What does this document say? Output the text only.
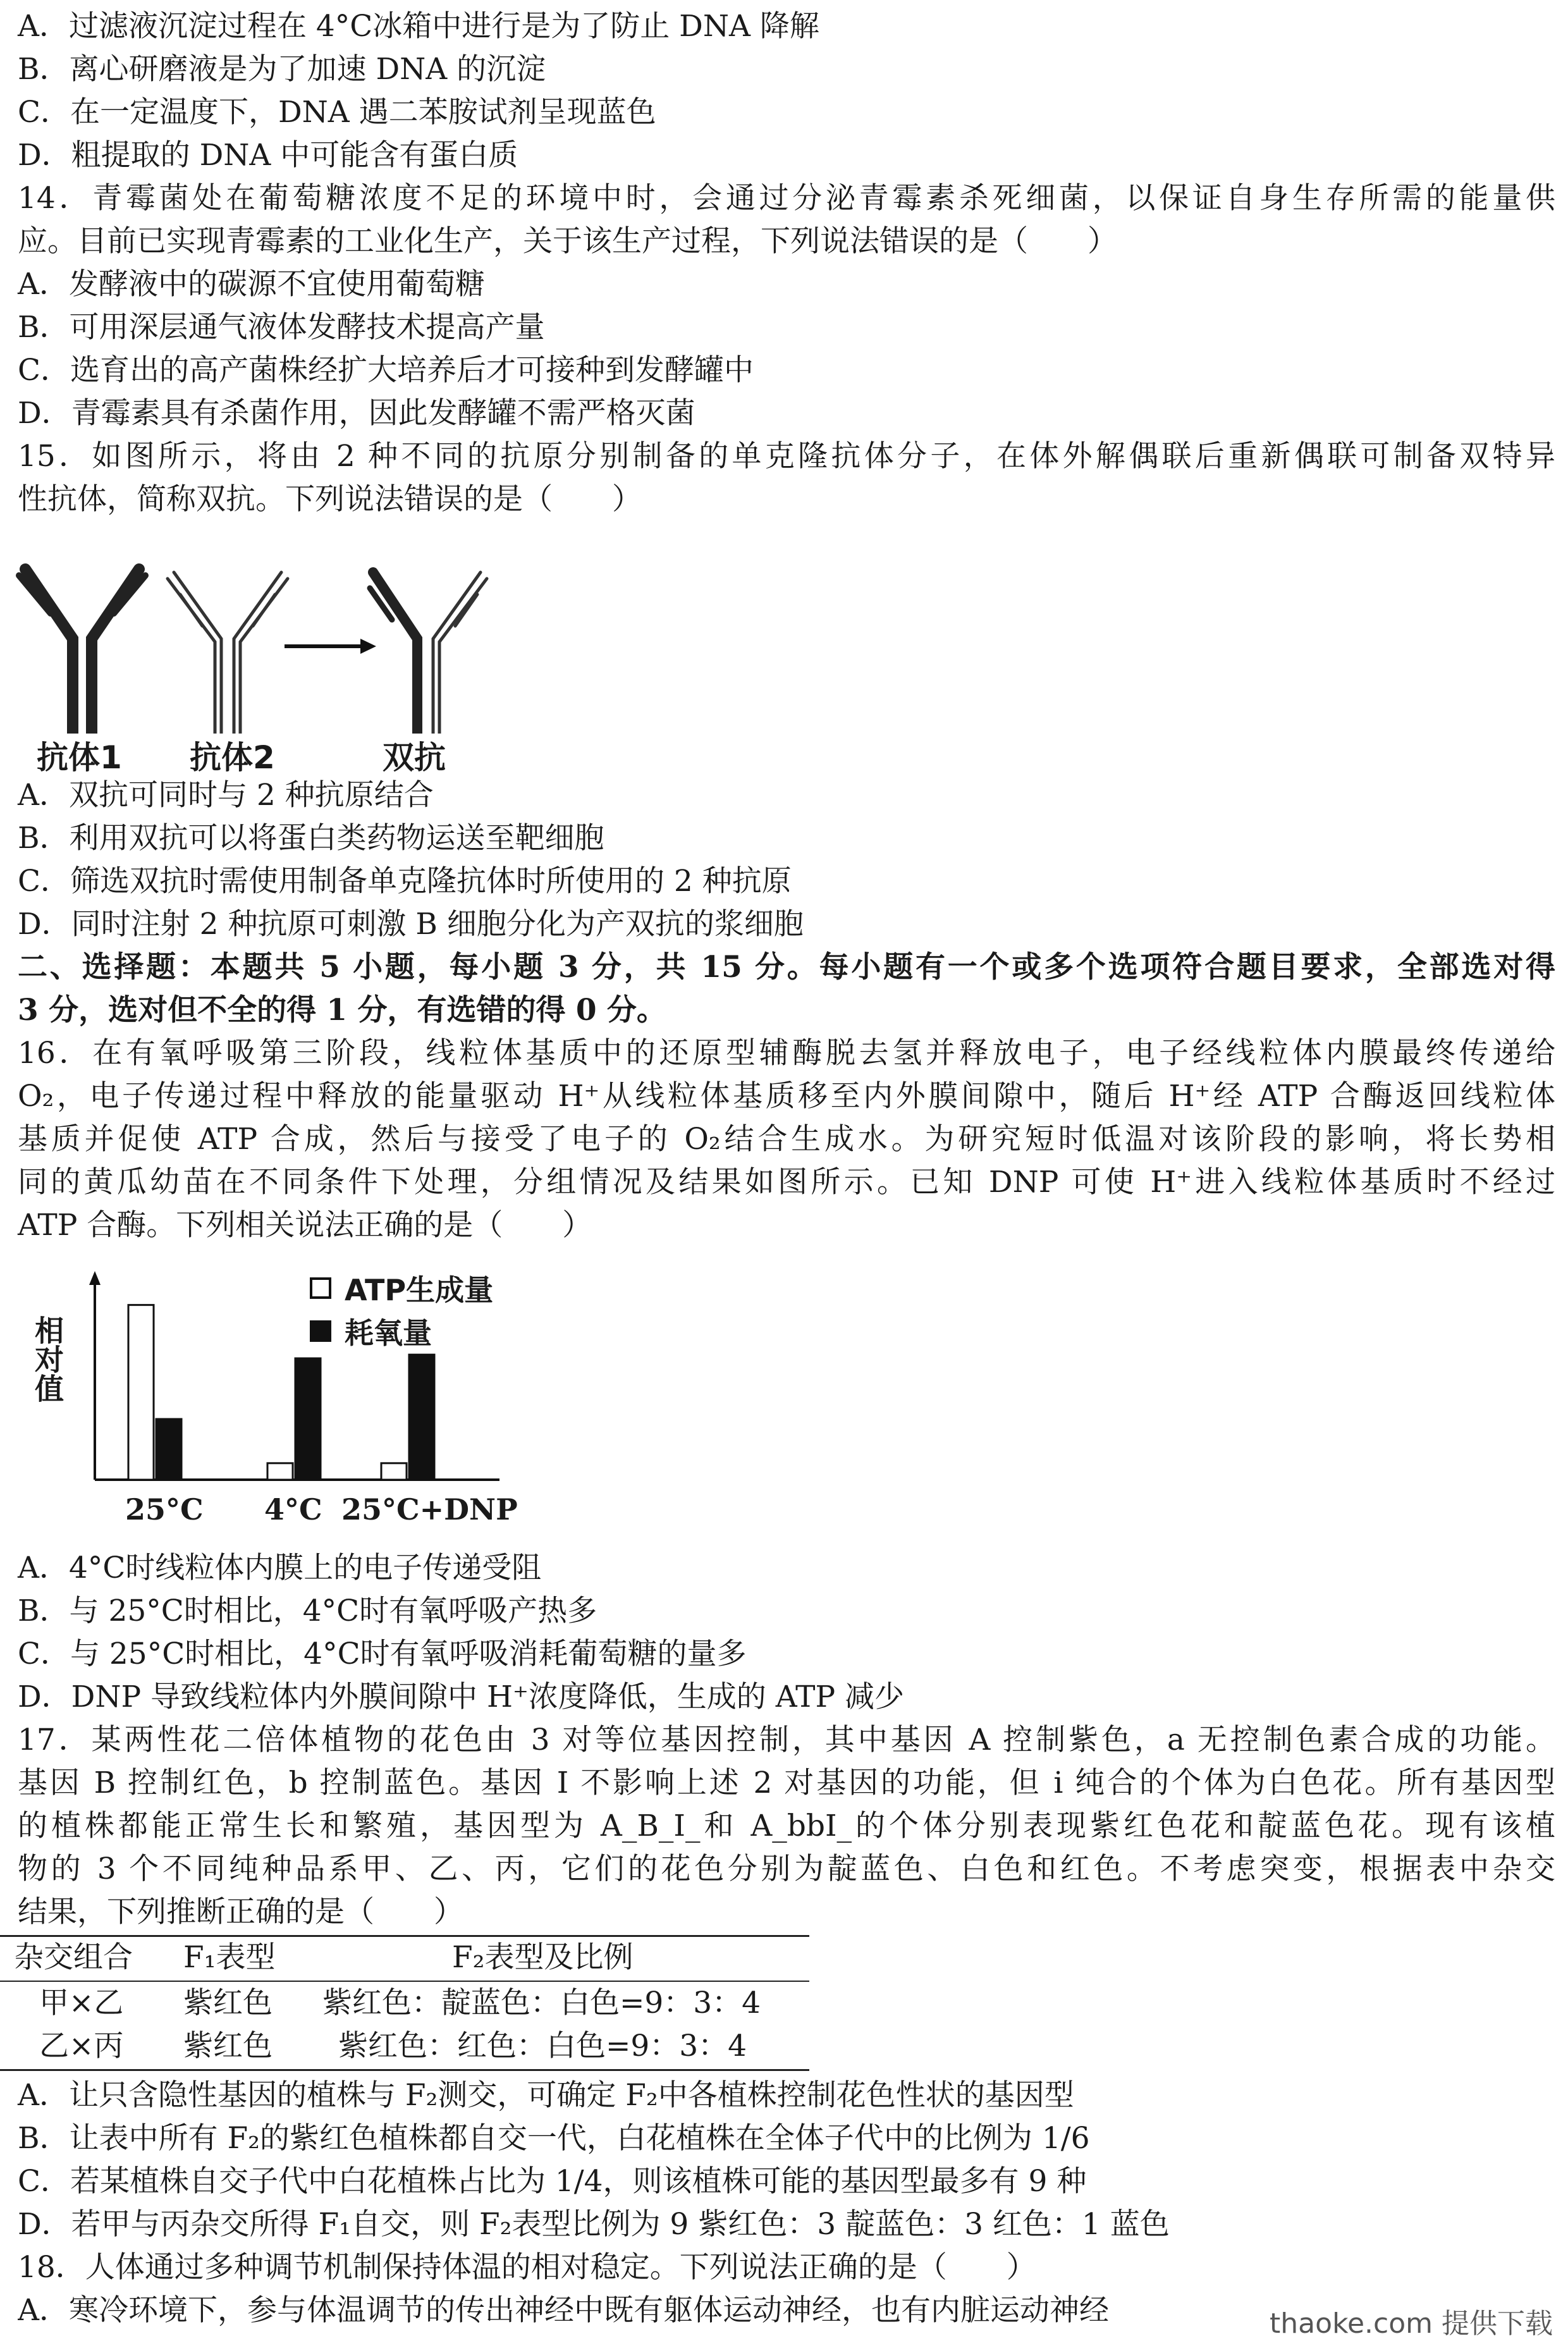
A．过滤液沉淀过程在 4°C冰箱中进行是为了防止 DNA 降解
B．离心研磨液是为了加速 DNA 的沉淀
C．在一定温度下，DNA 遇二苯胺试剂呈现蓝色
D．粗提取的 DNA 中可能含有蛋白质
14．青霉菌处在葡萄糖浓度不足的环境中时，会通过分泌青霉素杀死细菌，以保证自身生存所需的能量供
应。目前已实现青霉素的工业化生产，关于该生产过程，下列说法错误的是（　　）
A．发酵液中的碳源不宜使用葡萄糖
B．可用深层通气液体发酵技术提高产量
C．选育出的高产菌株经扩大培养后才可接种到发酵罐中
D．青霉素具有杀菌作用，因此发酵罐不需严格灭菌
15．如图所示，将由 2 种不同的抗原分别制备的单克隆抗体分子，在体外解偶联后重新偶联可制备双特异
性抗体，简称双抗。下列说法错误的是（　　）
抗体1 抗体2	双抗
A．双抗可同时与 2 种抗原结合
B．利用双抗可以将蛋白类药物运送至靶细胞
C．筛选双抗时需使用制备单克隆抗体时所使用的 2 种抗原
D．同时注射 2 种抗原可刺激 B 细胞分化为产双抗的浆细胞
二、选择题：本题共 5 小题，每小题 3 分，共 15 分。每小题有一个或多个选项符合题目要求，全部选对得
3 分，选对但不全的得 1 分，有选错的得 0 分。
16．在有氧呼吸第三阶段，线粒体基质中的还原型辅酶脱去氢并释放电子，电子经线粒体内膜最终传递给
O₂，电子传递过程中释放的能量驱动 H⁺从线粒体基质移至内外膜间隙中，随后 H⁺经 ATP 合酶返回线粒体
基质并促使 ATP 合成，然后与接受了电子的 O₂结合生成水。为研究短时低温对该阶段的影响，将长势相
同的黄瓜幼苗在不同条件下处理，分组情况及结果如图所示。已知 DNP 可使 H⁺进入线粒体基质时不经过
ATP 合酶。下列相关说法正确的是（　　）
相对值
ATP生成量
耗氧量
25°C 4°C 25°C+DNP
A．4°C时线粒体内膜上的电子传递受阻
B．与 25°C时相比，4°C时有氧呼吸产热多
C．与 25°C时相比，4°C时有氧呼吸消耗葡萄糖的量多
D．DNP 导致线粒体内外膜间隙中 H⁺浓度降低，生成的 ATP 减少
17．某两性花二倍体植物的花色由 3 对等位基因控制，其中基因 A 控制紫色，a 无控制色素合成的功能。
基因 B 控制红色，b 控制蓝色。基因 I 不影响上述 2 对基因的功能，但 i 纯合的个体为白色花。所有基因型
的植株都能正常生长和繁殖，基因型为 A_B_I_和 A_bbI_的个体分别表现紫红色花和靛蓝色花。现有该植
物的 3 个不同纯种品系甲、乙、丙，它们的花色分别为靛蓝色、白色和红色。不考虑突变，根据表中杂交
结果，下列推断正确的是（　　）
杂交组合 F₁表型	F₂表型及比例
甲×乙 紫红色 紫红色：靛蓝色：白色=9：3：4
乙×丙 紫红色 紫红色：红色：白色=9：3：4
A．让只含隐性基因的植株与 F₂测交，可确定 F₂中各植株控制花色性状的基因型
B．让表中所有 F₂的紫红色植株都自交一代，白花植株在全体子代中的比例为 1/6
C．若某植株自交子代中白花植株占比为 1/4，则该植株可能的基因型最多有 9 种
D．若甲与丙杂交所得 F₁自交，则 F₂表型比例为 9 紫红色：3 靛蓝色：3 红色：1 蓝色
18．人体通过多种调节机制保持体温的相对稳定。下列说法正确的是（　　）
A．寒冷环境下，参与体温调节的传出神经中既有躯体运动神经，也有内脏运动神经	thaoke.com 提供下载
